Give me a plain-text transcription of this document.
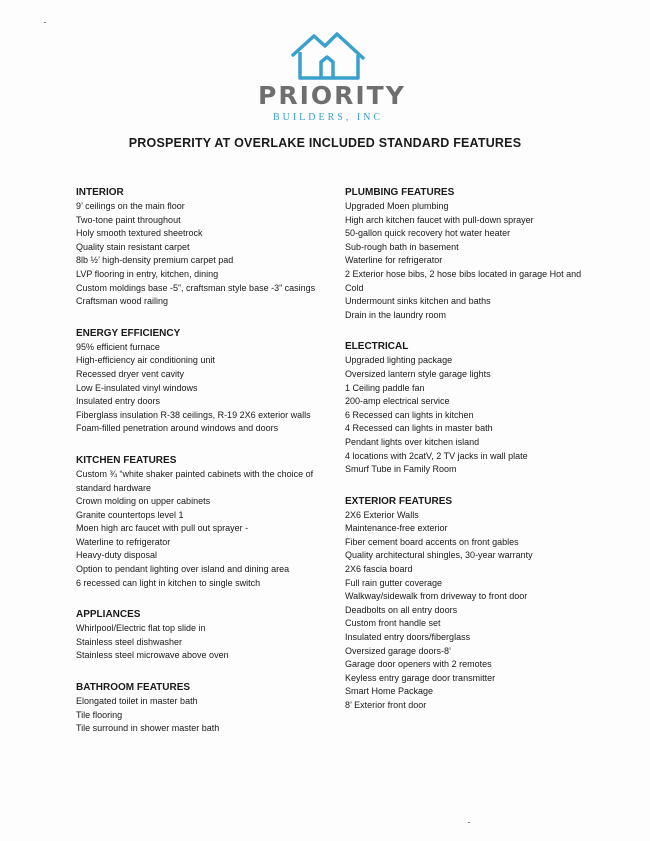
PRIORITY
BUILDERS, INC
PROSPERITY AT OVERLAKE INCLUDED STANDARD FEATURES
INTERIOR
9’ ceilings on the main floor
Two-tone paint throughout
Holy smooth textured sheetrock
Quality stain resistant carpet
8lb ½’ high-density premium carpet pad
LVP flooring in entry, kitchen, dining
Custom moldings base -5”, craftsman style base -3” casings
Craftsman wood railing
ENERGY EFFICIENCY
95% efficient furnace
High-efficiency air conditioning unit
Recessed dryer vent cavity
Low E-insulated vinyl windows
Insulated entry doors
Fiberglass insulation R-38 ceilings, R-19 2X6 exterior walls
Foam-filled penetration around windows and doors
KITCHEN FEATURES
Custom ¾ “white shaker painted cabinets with the choice of standard hardware
Crown molding on upper cabinets
Granite countertops level 1
Moen high arc faucet with pull out sprayer -
Waterline to refrigerator
Heavy-duty disposal
Option to pendant lighting over island and dining area
6 recessed can light in kitchen to single switch
APPLIANCES
Whirlpool/Electric flat top slide in
Stainless steel dishwasher
Stainless steel microwave above oven
BATHROOM FEATURES
Elongated toilet in master bath
Tile flooring
Tile surround in shower master bath
PLUMBING FEATURES
Upgraded Moen plumbing
High arch kitchen faucet with pull-down sprayer
50-gallon quick recovery hot water heater
Sub-rough bath in basement
Waterline for refrigerator
2 Exterior hose bibs, 2 hose bibs located in garage Hot and Cold
Undermount sinks kitchen and baths
Drain in the laundry room
ELECTRICAL
Upgraded lighting package
Oversized lantern style garage lights
1 Ceiling paddle fan
200-amp electrical service
6 Recessed can lights in kitchen
4 Recessed can lights in master bath
Pendant lights over kitchen island
4 locations with 2catV, 2 TV jacks in wall plate
Smurf Tube in Family Room
EXTERIOR FEATURES
2X6 Exterior Walls
Maintenance-free exterior
Fiber cement board accents on front gables
Quality architectural shingles, 30-year warranty
2X6 fascia board
Full rain gutter coverage
Walkway/sidewalk from driveway to front door
Deadbolts on all entry doors
Custom front handle set
Insulated entry doors/fiberglass
Oversized garage doors-8’
Garage door openers with 2 remotes
Keyless entry garage door transmitter
Smart Home Package
8’ Exterior front door
